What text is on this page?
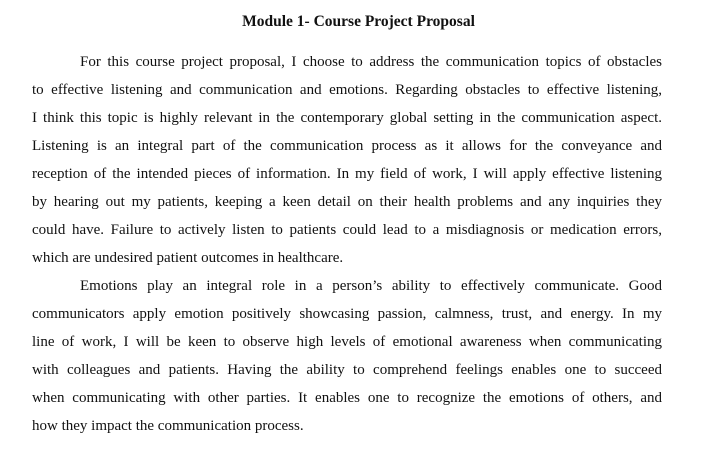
Module 1- Course Project Proposal
For this course project proposal, I choose to address the communication topics of obstacles
to effective listening and communication and emotions. Regarding obstacles to effective listening,
I think this topic is highly relevant in the contemporary global setting in the communication aspect.
Listening is an integral part of the communication process as it allows for the conveyance and
reception of the intended pieces of information. In my field of work, I will apply effective listening
by hearing out my patients, keeping a keen detail on their health problems and any inquiries they
could have. Failure to actively listen to patients could lead to a misdiagnosis or medication errors,
which are undesired patient outcomes in healthcare.
Emotions play an integral role in a person’s ability to effectively communicate. Good
communicators apply emotion positively showcasing passion, calmness, trust, and energy. In my
line of work, I will be keen to observe high levels of emotional awareness when communicating
with colleagues and patients. Having the ability to comprehend feelings enables one to succeed
when communicating with other parties. It enables one to recognize the emotions of others, and
how they impact the communication process.
